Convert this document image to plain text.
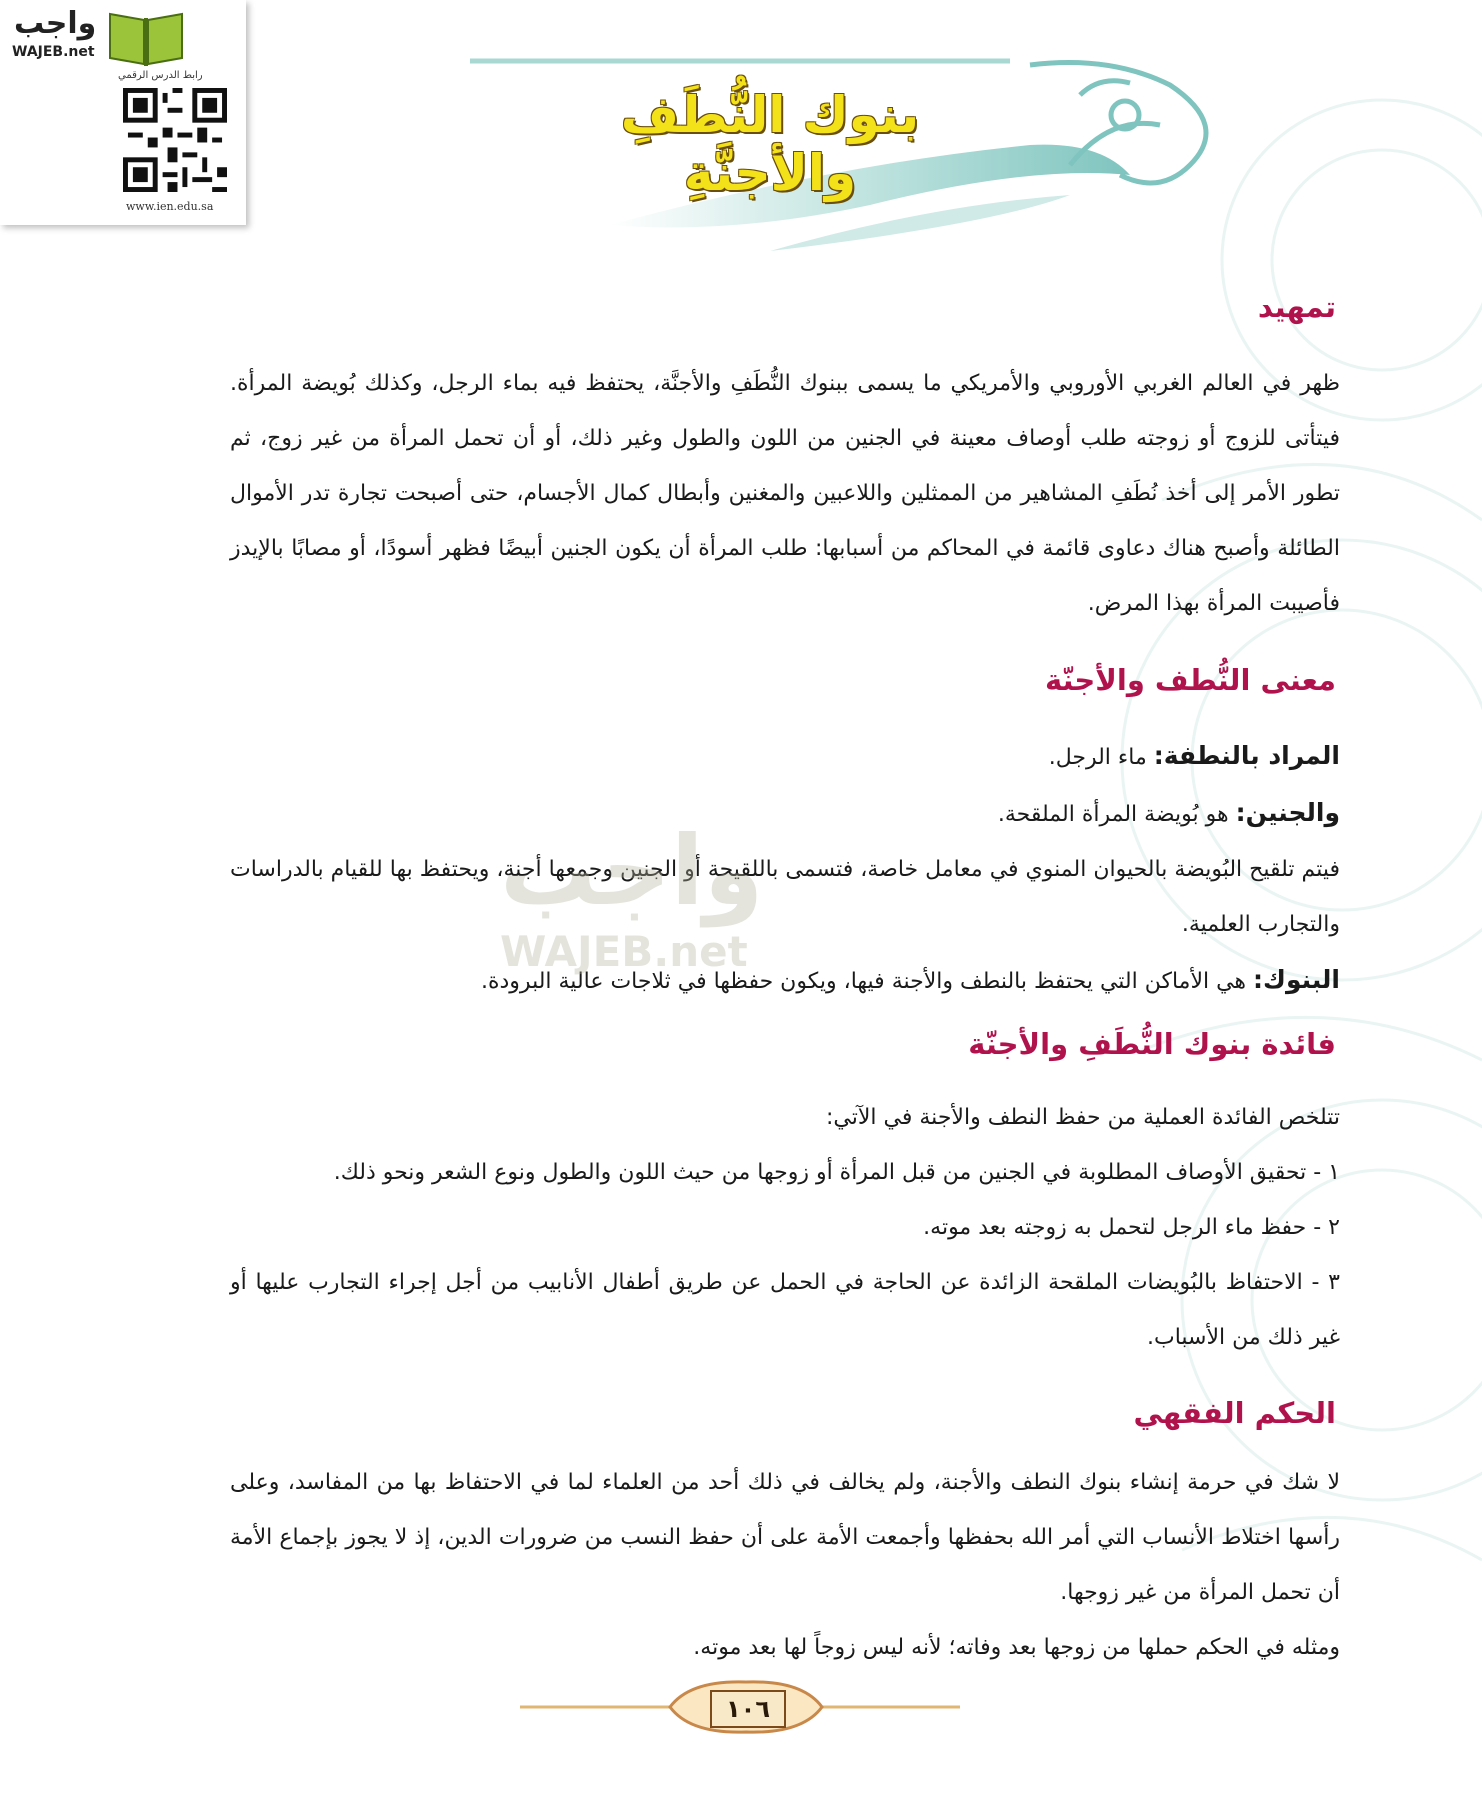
واجب
WAJEB.net
رابط الدرس الرقمي
www.ien.edu.sa
بنوك النُّطَفِ والأجنَّةِ
تمهيد

ظهر في العالم الغربي الأوروبي والأمريكي ما يسمى ببنوك النُّطَفِ والأجنَّة، يحتفظ فيه بماء الرجل، وكذلك بُويضة المرأة. فيتأتى للزوج أو زوجته طلب أوصاف معينة في الجنين من اللون والطول وغير ذلك، أو أن تحمل المرأة من غير زوج، ثم تطور الأمر إلى أخذ نُطَفِ المشاهير من الممثلين واللاعبين والمغنين وأبطال كمال الأجسام، حتى أصبحت تجارة تدر الأموال الطائلة وأصبح هناك دعاوى قائمة في المحاكم من أسبابها: طلب المرأة أن يكون الجنين أبيضًا فظهر أسودًا، أو مصابًا بالإيدز فأصيبت المرأة بهذا المرض.

معنى النُّطف والأجنّة

المراد بالنطفة: ماء الرجل.

والجنين: هو بُويضة المرأة الملقحة.

فيتم تلقيح البُويضة بالحيوان المنوي في معامل خاصة، فتسمى باللقيحة أو الجنين وجمعها أجنة، ويحتفظ بها للقيام بالدراسات والتجارب العلمية.

البنوك: هي الأماكن التي يحتفظ بالنطف والأجنة فيها، ويكون حفظها في ثلاجات عالية البرودة.

واجب
WAJEB.net
فائدة بنوك النُّطَفِ والأجنّة

تتلخص الفائدة العملية من حفظ النطف والأجنة في الآتي:

١ - تحقيق الأوصاف المطلوبة في الجنين من قبل المرأة أو زوجها من حيث اللون والطول ونوع الشعر ونحو ذلك.

٢ - حفظ ماء الرجل لتحمل به زوجته بعد موته.

٣ - الاحتفاظ بالبُويضات الملقحة الزائدة عن الحاجة في الحمل عن طريق أطفال الأنابيب من أجل إجراء التجارب عليها أو غير ذلك من الأسباب.

الحكم الفقهي

لا شك في حرمة إنشاء بنوك النطف والأجنة، ولم يخالف في ذلك أحد من العلماء لما في الاحتفاظ بها من المفاسد، وعلى رأسها اختلاط الأنساب التي أمر الله بحفظها وأجمعت الأمة على أن حفظ النسب من ضرورات الدين، إذ لا يجوز بإجماع الأمة أن تحمل المرأة من غير زوجها.

ومثله في الحكم حملها من زوجها بعد وفاته؛ لأنه ليس زوجاً لها بعد موته.

١٠٦
